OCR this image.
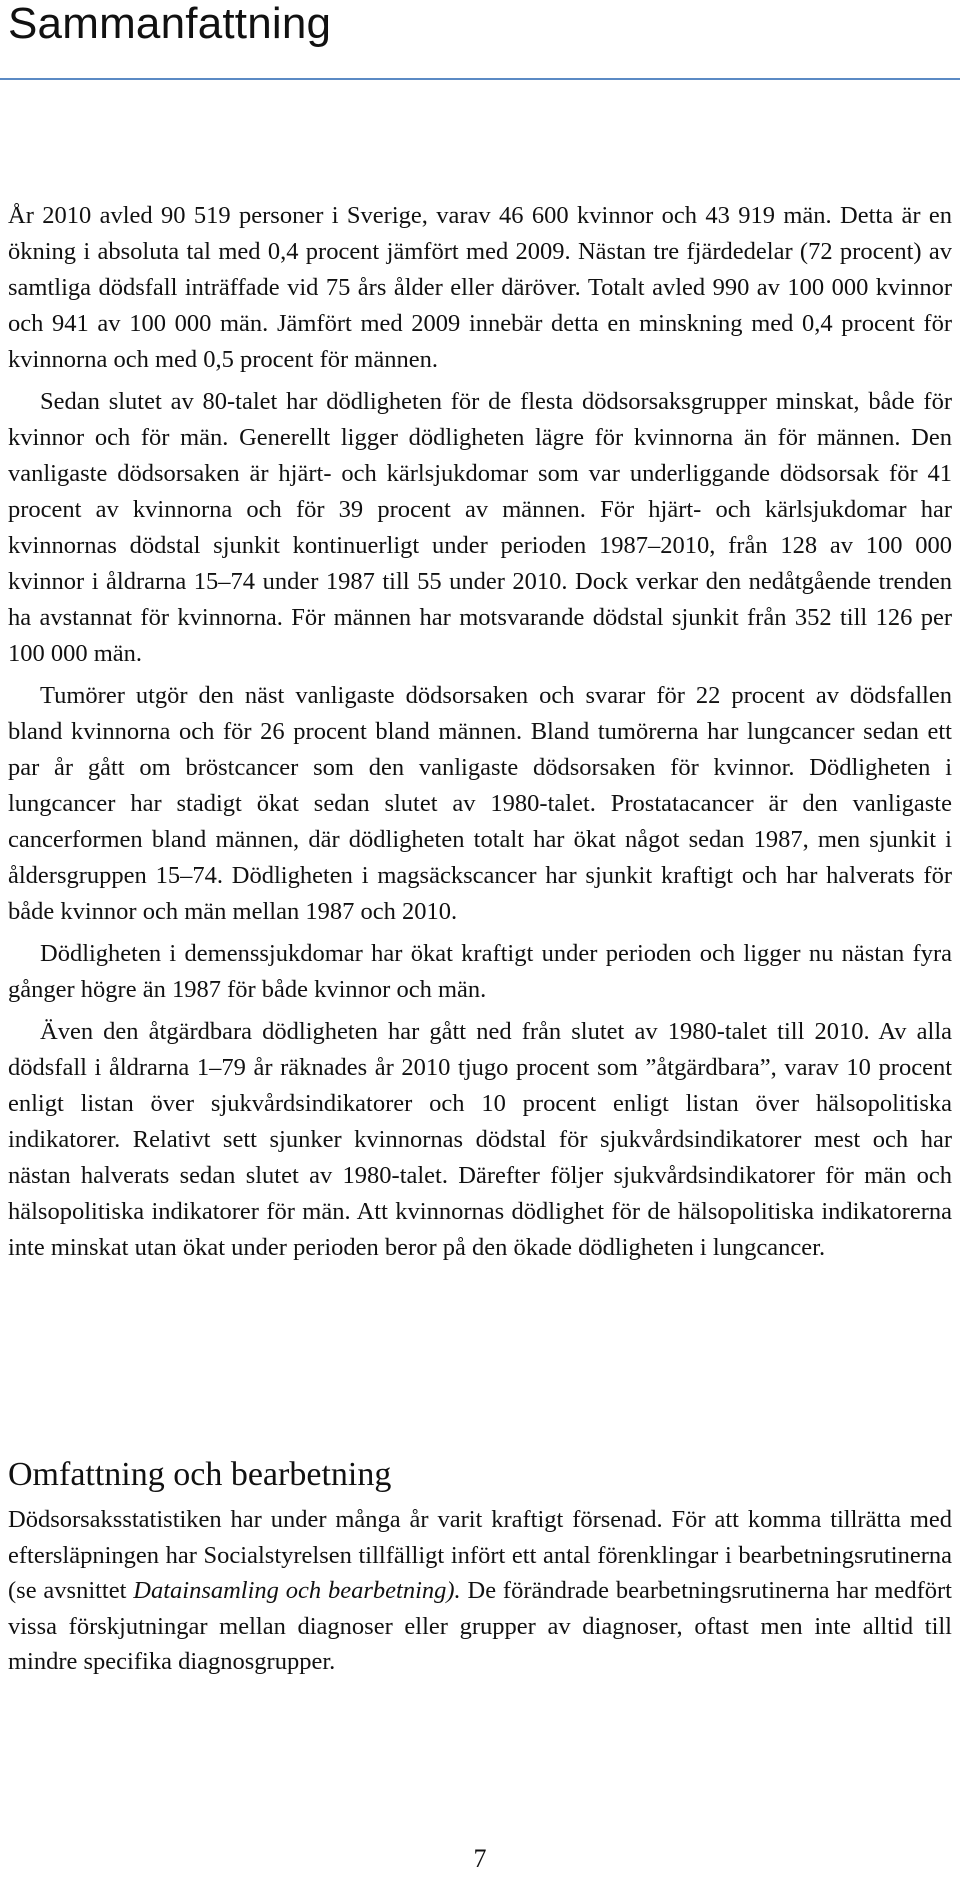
Sammanfattning

År 2010 avled 90 519 personer i Sverige, varav 46 600 kvinnor och 43 919 män. Detta är en ökning i absoluta tal med 0,4 procent jämfört med 2009. Nästan tre fjärdedelar (72 procent) av samtliga dödsfall inträffade vid 75 års ålder eller däröver. Totalt avled 990 av 100 000 kvinnor och 941 av 100 000 män. Jämfört med 2009 innebär detta en minskning med 0,4 procent för kvinnorna och med 0,5 procent för männen.

Sedan slutet av 80-talet har dödligheten för de flesta dödsorsaksgrupper minskat, både för kvinnor och för män. Generellt ligger dödligheten lägre för kvinnorna än för männen. Den vanligaste dödsorsaken är hjärt- och kärlsjukdomar som var underliggande dödsorsak för 41 procent av kvinnorna och för 39 procent av männen. För hjärt- och kärlsjukdomar har kvinnornas dödstal sjunkit kontinuerligt under perioden 1987–2010, från 128 av 100 000 kvinnor i åldrarna 15–74 under 1987 till 55 under 2010. Dock verkar den nedåtgående trenden ha avstannat för kvinnorna. För männen har motsvarande dödstal sjunkit från 352 till 126 per 100 000 män.

Tumörer utgör den näst vanligaste dödsorsaken och svarar för 22 procent av dödsfallen bland kvinnorna och för 26 procent bland männen. Bland tumörerna har lungcancer sedan ett par år gått om bröstcancer som den vanligaste dödsorsaken för kvinnor. Dödligheten i lungcancer har stadigt ökat sedan slutet av 1980-talet. Prostatacancer är den vanligaste cancerformen bland männen, där dödligheten totalt har ökat något sedan 1987, men sjunkit i åldersgruppen 15–74. Dödligheten i magsäckscancer har sjunkit kraftigt och har halverats för både kvinnor och män mellan 1987 och 2010.

Dödligheten i demenssjukdomar har ökat kraftigt under perioden och ligger nu nästan fyra gånger högre än 1987 för både kvinnor och män.

Även den åtgärdbara dödligheten har gått ned från slutet av 1980-talet till 2010. Av alla dödsfall i åldrarna 1–79 år räknades år 2010 tjugo procent som ”åtgärdbara”, varav 10 procent enligt listan över sjukvårdsindikatorer och 10 procent enligt listan över hälsopolitiska indikatorer. Relativt sett sjunker kvinnornas dödstal för sjukvårdsindikatorer mest och har nästan halverats sedan slutet av 1980-talet. Därefter följer sjukvårdsindikatorer för män och hälsopolitiska indikatorer för män. Att kvinnornas dödlighet för de hälsopolitiska indikatorerna inte minskat utan ökat under perioden beror på den ökade dödligheten i lungcancer.

Omfattning och bearbetning

Dödsorsaksstatistiken har under många år varit kraftigt försenad. För att komma tillrätta med eftersläpningen har Socialstyrelsen tillfälligt infört ett antal förenklingar i bearbetningsrutinerna (se avsnittet Datainsamling och bearbetning). De förändrade bearbetningsrutinerna har medfört vissa förskjutningar mellan diagnoser eller grupper av diagnoser, oftast men inte alltid till mindre specifika diagnosgrupper.

7
